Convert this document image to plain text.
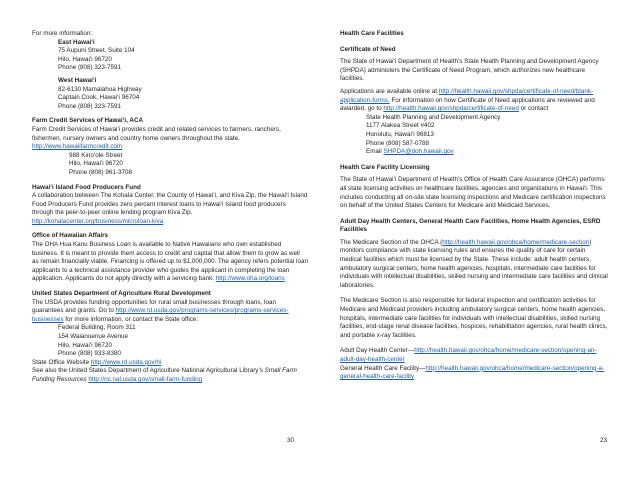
For more information:

East Hawai‘i

75 Aupuni Street, Suite 104

Hilo, Hawai‘i 96720

Phone (808) 323-7591

West Hawai‘i

82-6130 Mamalahoa Highway

Captain Cook, Hawai‘i 96704

Phone (808) 323-7591

Farm Credit Services of Hawai‘i, ACA

Farm Credit Services of Hawai‘i provides credit and related services to farmers, ranchers, fishermen, nursery owners and country home owners throughout the state. http://www.hawaiifarmcredit.com

988 Kino‘ole Street

Hilo, Hawai‘i 96720

Phone (808) 961-3708

Hawai‘i Island Food Producers Fund

A collaboration between The Kohala Center, the County of Hawai‘i, and Kiva Zip, the Hawai‘i Island Food Producers Fund provides zero percent interest loans to Hawai‘i Island food producers through the peer-to-peer online lending program Kiva Zip. http://kohalacenter.org/business/microloan-kiva

Office of Hawaiian Affairs

The OHA Hua Kanu Business Loan is available to Native Hawaiians who own established business. It is meant to provide them access to credit and capital that allow them to grow as well as remain financially viable. Financing is offered up to $1,000,000. The agency refers potential loan applicants to a technical assistance provider who guides the applicant in completing the loan application. Applicants do not apply directly with a servicing bank. http://www.oha.org/loans

United States Department of Agriculture Rural Development

The USDA provides funding opportunities for rural small businesses through loans, loan guarantees and grants. Go to http://www.rd.usda.gov/programs-services/programs-services-businesses for more information, or contact the State office:

Federal Building, Room 311

154 Waianuenue Avenue

Hilo, Hawai‘i 96720

Phone (808) 933-8380

State Office Website http://www.rd.usda.gov/hi

See also the United States Department of Agriculture National Agricultural Library’s Small Farm Funding Resources http://ric.nal.usda.gov/small-farm-funding

Health Care Facilities

Certificate of Need

The State of Hawai‘i Department of Health’s State Health Planning and Development Agency (SHPDA) administers the Certificate of Need Program, which authorizes new healthcare facilities.

Applications are available online at http://health.hawaii.gov/shpda/certificate-of-need/blank-application-forms. For information on how Certificate of Need applications are reviewed and awarded, go to http://health.hawaii.gov/shpda/certificate-of-need or contact

State Health Planning and Development Agency

1177 Alakea Street #402

Honolulu, Hawai‘i 96813

Phone (808) 587-0788

Email SHPDA@doh.hawaii.gov

Health Care Facility Licensing

The State of Hawai‘i Department of Health’s Office of Health Care Assurance (OHCA) performs all state licensing activities on healthcare facilities, agencies and organizations in Hawai‘i. This includes conducting all on-site state licensing inspections and Medicare certification inspections on behalf of the United States Centers for Medicare and Medicaid Services.

Adult Day Health Centers, General Health Care Facilities, Home Health Agencies, ESRD Facilities

The Medicare Section of the OHCA (http://health.hawaii.gov/ohca/home/medicare-section) monitors compliance with state licensing rules and ensures the quality of care for certain medical facilities which must be licensed by the State. These include: adult health centers, ambulatory surgical centers, home health agencies, hospitals, intermediate care facilities for individuals with intellectual disabilities, skilled nursing and intermediate care facilities and clinical laboratories.

The Medicare Section is also responsible for federal inspection and certification activities for Medicare and Medicaid providers including ambulatory surgical centers, home health agencies, hospitals, intermediate care facilities for individuals with intellectual disabilities, skilled nursing facilities, end-stage renal disease facilities, hospices, rehabilitation agencies, rural health clinics, and portable x-ray facilities.

Adult Day Health Center—http://health.hawaii.gov/ohca/home/medicare-section/opening-an-adult-day-health-center

General Health Care Facility—http://health.hawaii.gov/ohca/home/medicare-section/opening-a-general-health-care-facility

30	23
